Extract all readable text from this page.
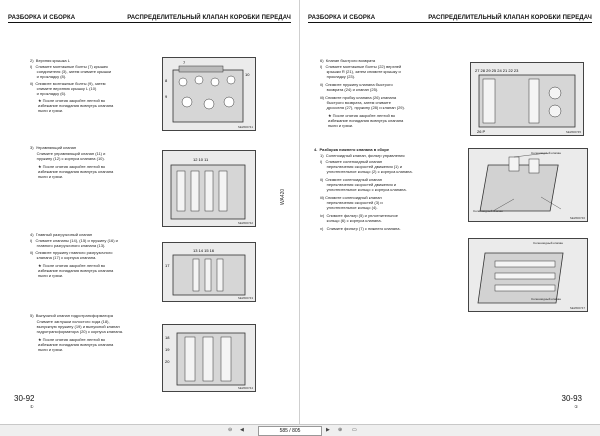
РАЗБОРКА И СБОРКА	РАСПРЕДЕЛИТЕЛЬНЫЙ КЛАПАН КОРОБКИ ПЕРЕДАЧ
2)  Верхняя крышка L
i)   Снимите монтажные болты (7) крышек
соединителя (3), затем снимите крышки
и прокладку (8).
ii)  Снимите монтажные болты (9), затем
снимите верхнюю крышку L (10)
и прокладку (6).
★ После снятия закройте лентой во
избежание попадания вовнутрь клапана
пыли и грязи.
7
8
9
10
SEW00741
3)  Управляющий клапан
Снимите управляющий клапан (11) и
пружину (12) с корпуса клапана (10).
★ После снятия закройте лентой во
избежание попадания вовнутрь клапана
пыли и грязи.
12 10 11
SEW00742
4)  Главный разгрузочный клапан
i)   Снимите клапаны (14), (15) и пружину (16) и
главного разгрузочного клапана (13).
ii)  Снимите пружину главного разгрузочного
клапана (17) с корпуса клапана.
★ После снятия закройте лентой во
избежание попадания вовнутрь клапана
пыли и грязи.
13 14 15 16
17
SEW00743
5)  Выпускной клапан гидротрансформатора
Снимите заглушки холостого хода (18),
выпускную пружину (19) и выпускной клапан
гидротрансформатора (20) с корпуса клапана.
★ После снятия закройте лентой во
избежание попадания вовнутрь клапана
пыли и грязи.
18
19
20
SEW00744
WA420
30-92
①
РАЗБОРКА И СБОРКА	РАСПРЕДЕЛИТЕЛЬНЫЙ КЛАПАН КОРОБКИ ПЕРЕДАЧ
6)  Клапан быстрого возврата
i)   Снимите монтажные болты (22) верхней
крышки R (21), затем снимите крышку и
прокладку (23).
ii)  Снимите пружину клапана быстрого
возврата (24) и клапан (25).
iii) Снимите пробку клапана (26) клапана
быстрого возврата, затем снимите
дросселя (27), пружину (28) и клапан (29).
★ После снятия закройте лентой во
избежание попадания вовнутрь клапана
пыли и грязи.
27 28 29 25 24 21 22 23
26 P	SEW00745
4.  Разборка нижнего клапана в сборе
1)  Соленоидный клапан, фильтр управления
i)   Снимите соленоидный клапан
переключения скоростей движения (1) и
уплотнительное кольцо (2) с корпуса клапана.
ii)  Снимите соленоидный клапан
переключения скоростей движения и
уплотнительное кольцо с корпуса клапана.
iii) Снимите соленоидный клапан
переключения скоростей (3) и
уплотнительное кольцо (4).
iv)  Снимите фильтр (5) и уплотнительное
кольцо (6) с корпуса клапана.
v)   Снимите фильтр (7) с нижнего клапана.
Соленоидный клапан
Соленоидный клапан
SEW00746
Соленоидный клапан
Соленоидный клапан
SEW00747
30-93
①
⊖ ◀	585 / 805	▶ ⊕ ▭
